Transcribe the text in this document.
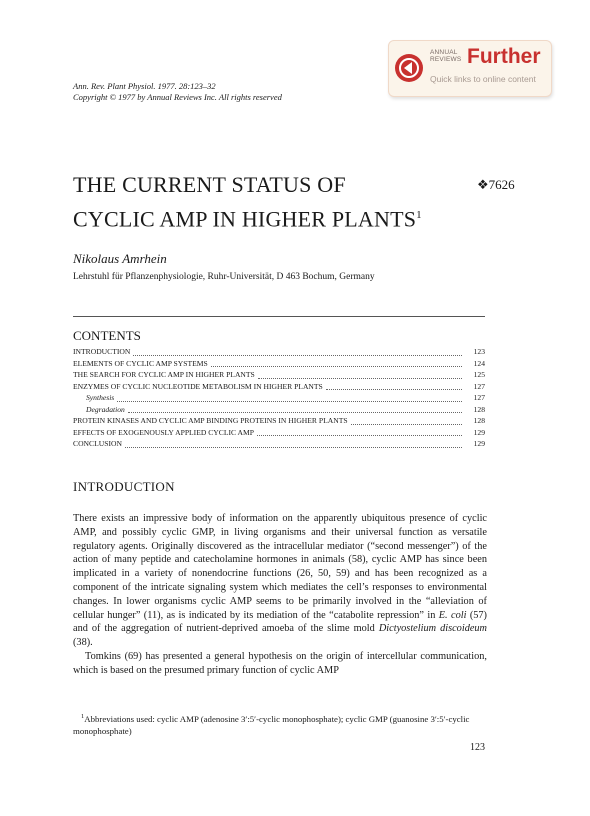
ANNUAL
REVIEWS Further
Quick links to online content
Ann. Rev. Plant Physiol. 1977. 28:123–32
Copyright © 1977 by Annual Reviews Inc. All rights reserved
THE CURRENT STATUS OF
CYCLIC AMP IN HIGHER PLANTS$^1$
❖7626
Nikolaus Amrhein
Lehrstuhl für Pflanzenphysiologie, Ruhr-Universität, D 463 Bochum, Germany
CONTENTS
INTRODUCTION	123
ELEMENTS OF CYCLIC AMP SYSTEMS	124
THE SEARCH FOR CYCLIC AMP IN HIGHER PLANTS	125
ENZYMES OF CYCLIC NUCLEOTIDE METABOLISM IN HIGHER PLANTS	127
Synthesis	127
Degradation	128
PROTEIN KINASES AND CYCLIC AMP BINDING PROTEINS IN HIGHER PLANTS	128
EFFECTS OF EXOGENOUSLY APPLIED CYCLIC AMP	129
CONCLUSION	129
INTRODUCTION

There exists an impressive body of information on the apparently ubiquitous presence of cyclic AMP, and possibly cyclic GMP, in living organisms and their universal function as versatile regulatory agents. Originally discovered as the intracellular mediator (“second messenger”) of the action of many peptide and catecholamine hormones in animals (58), cyclic AMP has since been implicated in a variety of nonendocrine functions (26, 50, 59) and has been recognized as a component of the intricate signaling system which mediates the cell’s responses to environmental changes. In lower organisms cyclic AMP seems to be primarily involved in the “alleviation of cellular hunger” (11), as is indicated by its mediation of the “catabolite repression” in E. coli (57) and of the aggregation of nutrient-deprived amoeba of the slime mold Dictyostelium discoideum (38).

Tomkins (69) has presented a general hypothesis on the origin of intercellular communication, which is based on the presumed primary function of cyclic AMP

$^1$Abbreviations used: cyclic AMP (adenosine 3′:5′-cyclic monophosphate); cyclic GMP (guanosine 3′:5′-cyclic monophosphate)

123
